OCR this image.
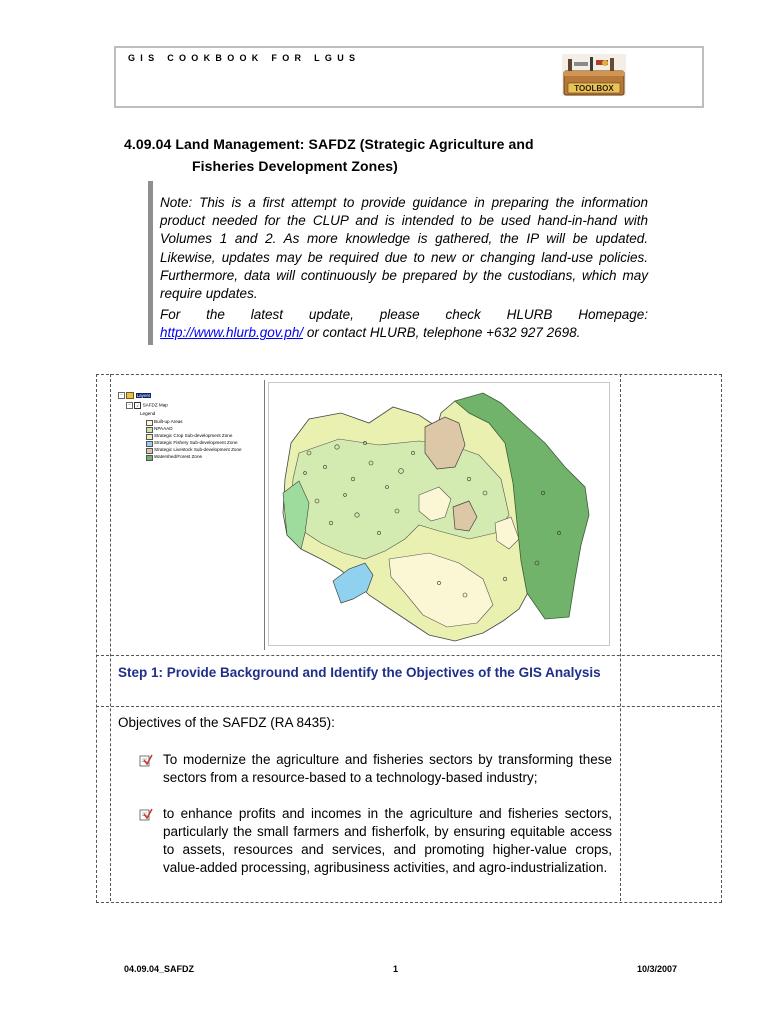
GIS COOKBOOK FOR LGUS
TOOLBOX
4.09.04 Land Management: SAFDZ (Strategic Agriculture and
Fisheries Development Zones)

Note: This is a first attempt to provide guidance in preparing the information product needed for the CLUP and is intended to be used hand-in-hand with Volumes 1 and 2. As more knowledge is gathered, the IP will be updated. Likewise, updates may be required due to new or changing land-use policies. Furthermore, data will continuously be prepared by the custodians, which may require updates.

For the latest update, please check HLURB Homepage:

http://www.hlurb.gov.ph/ or contact HLURB, telephone +632 927 2698.

−	Layers
− ✓ SAFDZ Map
Legend
Built-up Areas
NPAAAD
Strategic Crop Sub-development Zone
Strategic Fishery Sub-development Zone
Strategic Livestock Sub-development Zone
Watershed/Forest Zone
Step 1: Provide Background and Identify the Objectives of the GIS Analysis
Objectives of the SAFDZ (RA 8435):
To modernize the agriculture and fisheries sectors by transforming these sectors from a resource-based to a technology-based industry;
to enhance profits and incomes in the agriculture and fisheries sectors, particularly the small farmers and fisherfolk, by ensuring equitable access to assets, resources and services, and promoting higher-value crops, value-added processing, agribusiness activities, and agro-industrialization.
04.09.04_SAFDZ	1	10/3/2007
